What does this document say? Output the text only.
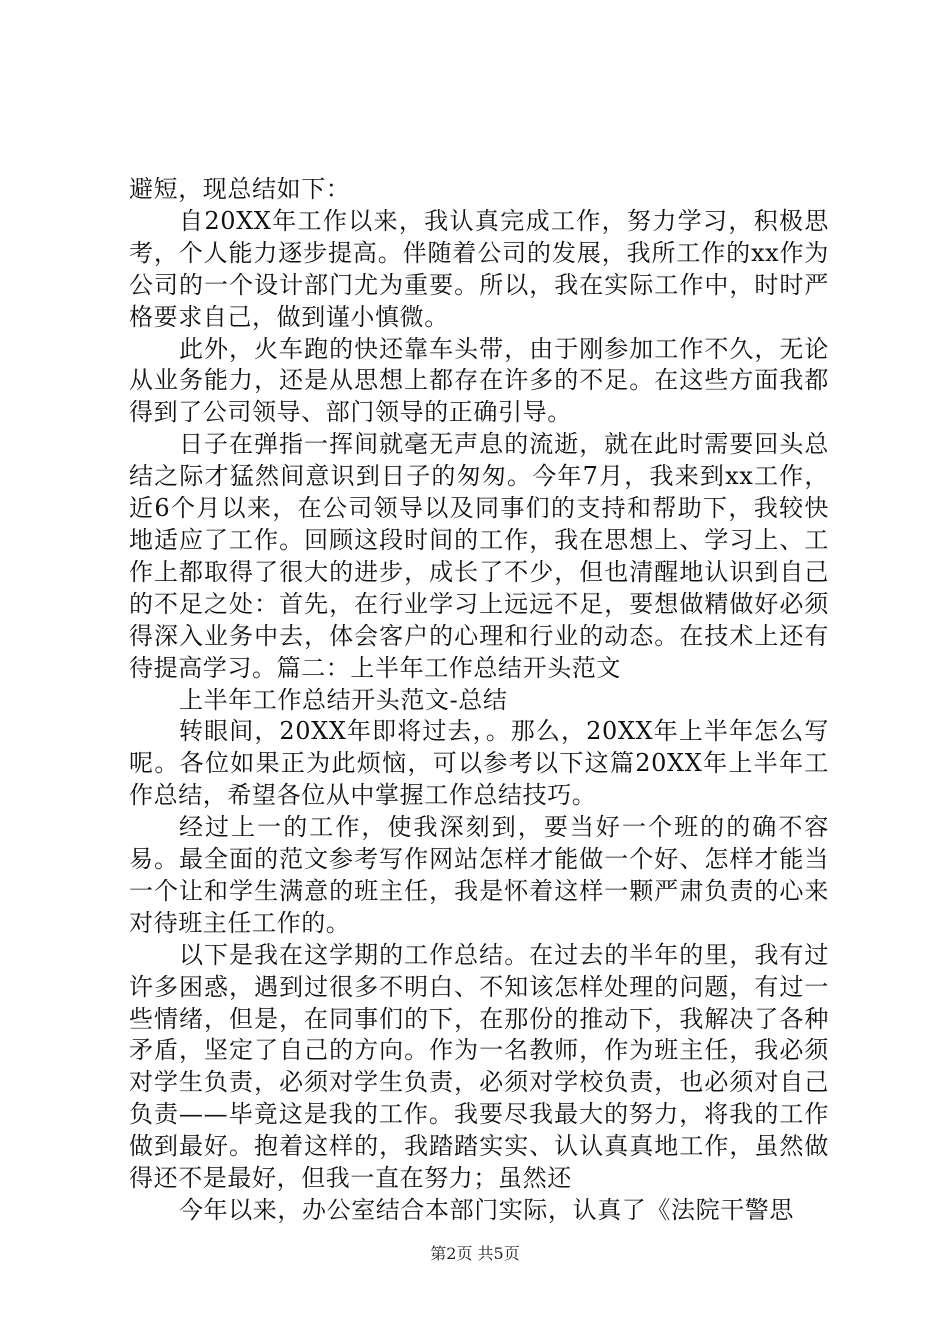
避短，现总结如下：

自20XX年工作以来，我认真完成工作，努力学习，积极思考，个人能力逐步提高。伴随着公司的发展，我所工作的xx作为公司的一个设计部门尤为重要。所以，我在实际工作中，时时严格要求自己，做到谨小慎微。

此外，火车跑的快还靠车头带，由于刚参加工作不久，无论从业务能力，还是从思想上都存在许多的不足。在这些方面我都得到了公司领导、部门领导的正确引导。

日子在弹指一挥间就毫无声息的流逝，就在此时需要回头总结之际才猛然间意识到日子的匆匆。今年7月，我来到xx工作，近6个月以来，在公司领导以及同事们的支持和帮助下，我较快地适应了工作。回顾这段时间的工作，我在思想上、学习上、工作上都取得了很大的进步，成长了不少，但也清醒地认识到自己的不足之处：首先，在行业学习上远远不足，要想做精做好必须得深入业务中去，体会客户的心理和行业的动态。在技术上还有待提高学习。篇二：上半年工作总结开头范文

上半年工作总结开头范文-总结

转眼间，20XX年即将过去，。那么，20XX年上半年怎么写呢。各位如果正为此烦恼，可以参考以下这篇20XX年上半年工作总结，希望各位从中掌握工作总结技巧。

经过上一的工作，使我深刻到，要当好一个班的的确不容易。最全面的范文参考写作网站怎样才能做一个好、怎样才能当一个让和学生满意的班主任，我是怀着这样一颗严肃负责的心来对待班主任工作的。

以下是我在这学期的工作总结。在过去的半年的里，我有过许多困惑，遇到过很多不明白、不知该怎样处理的问题，有过一些情绪，但是，在同事们的下，在那份的推动下，我解决了各种矛盾，坚定了自己的方向。作为一名教师，作为班主任，我必须对学生负责，必须对学生负责，必须对学校负责，也必须对自己负责——毕竟这是我的工作。我要尽我最大的努力，将我的工作做到最好。抱着这样的，我踏踏实实、认认真真地工作，虽然做得还不是最好，但我一直在努力；虽然还

今年以来，办公室结合本部门实际，认真了《法院干警思

第2页 共5页
